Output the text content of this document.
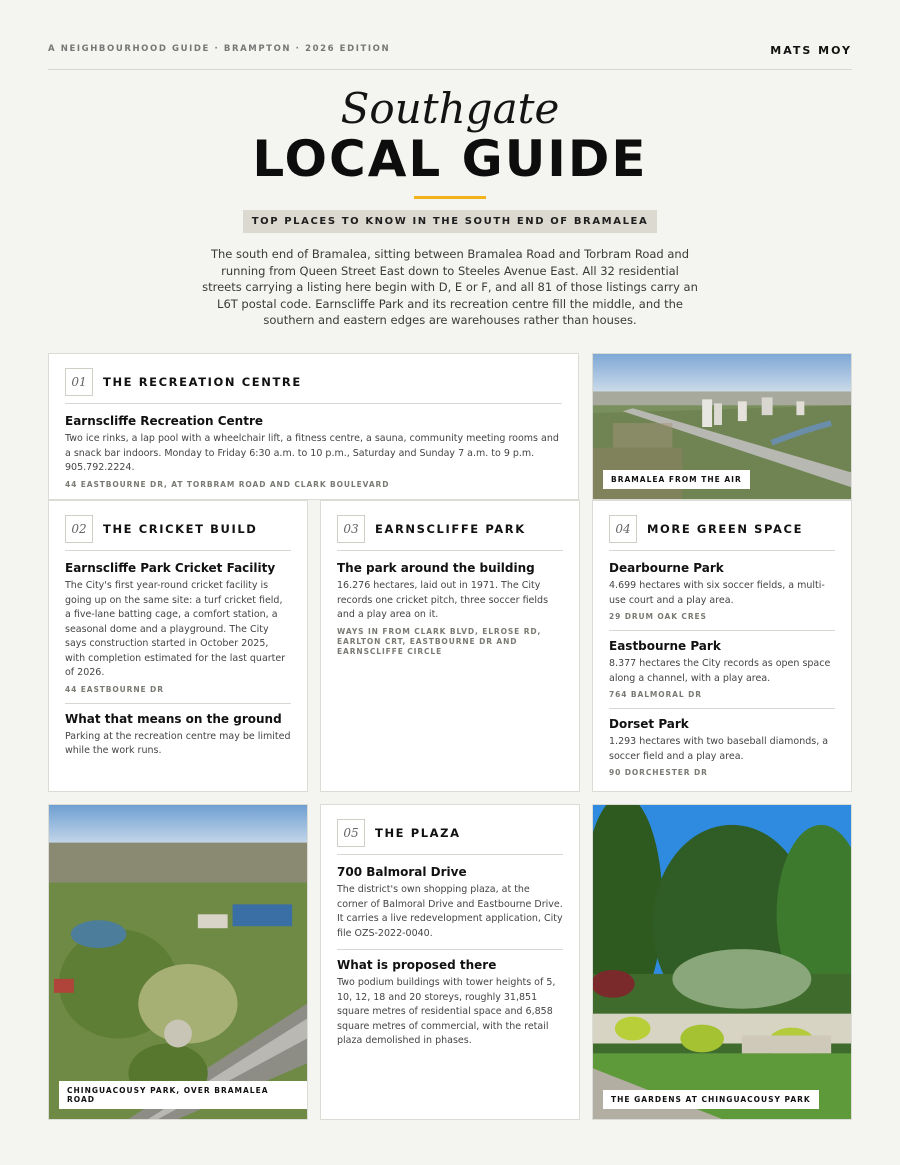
A NEIGHBOURHOOD GUIDE · BRAMPTON · 2026 EDITION	MATS MOY
Southgate
LOCAL GUIDE
TOP PLACES TO KNOW IN THE SOUTH END OF BRAMALEA

The south end of Bramalea, sitting between Bramalea Road and Torbram Road and running from Queen Street East down to Steeles Avenue East. All 32 residential streets carrying a listing here begin with D, E or F, and all 81 of those listings carry an L6T postal code. Earnscliffe Park and its recreation centre fill the middle, and the southern and eastern edges are warehouses rather than houses.

01	THE RECREATION CENTRE
Earnscliffe Recreation Centre
Two ice rinks, a lap pool with a wheelchair lift, a fitness centre, a sauna, community meeting rooms and a snack bar indoors. Monday to Friday 6:30 a.m. to 10 p.m., Saturday and Sunday 7 a.m. to 9 p.m. 905.792.2224.
44 EASTBOURNE DR, AT TORBRAM ROAD AND CLARK BOULEVARD	BRAMALEA FROM THE AIR
02	THE CRICKET BUILD
Earnscliffe Park Cricket Facility
The City's first year-round cricket facility is going up on the same site: a turf cricket field, a five-lane batting cage, a comfort station, a seasonal dome and a playground. The City says construction started in October 2025, with completion estimated for the last quarter of 2026.
44 EASTBOURNE DR
What that means on the ground
Parking at the recreation centre may be limited while the work runs.
03	EARNSCLIFFE PARK
The park around the building
16.276 hectares, laid out in 1971. The City records one cricket pitch, three soccer fields and a play area on it.
WAYS IN FROM CLARK BLVD, ELROSE RD, EARLTON CRT, EASTBOURNE DR AND EARNSCLIFFE CIRCLE
04	MORE GREEN SPACE
Dearbourne Park
4.699 hectares with six soccer fields, a multi-use court and a play area.
29 DRUM OAK CRES
Eastbourne Park
8.377 hectares the City records as open space along a channel, with a play area.
764 BALMORAL DR
Dorset Park
1.293 hectares with two baseball diamonds, a soccer field and a play area.
90 DORCHESTER DR
CHINGUACOUSY PARK, OVER BRAMALEA ROAD
05	THE PLAZA
700 Balmoral Drive
The district's own shopping plaza, at the corner of Balmoral Drive and Eastbourne Drive. It carries a live redevelopment application, City file OZS-2022-0040.
What is proposed there
Two podium buildings with tower heights of 5, 10, 12, 18 and 20 storeys, roughly 31,851 square metres of residential space and 6,858 square metres of commercial, with the retail plaza demolished in phases.
THE GARDENS AT CHINGUACOUSY PARK
